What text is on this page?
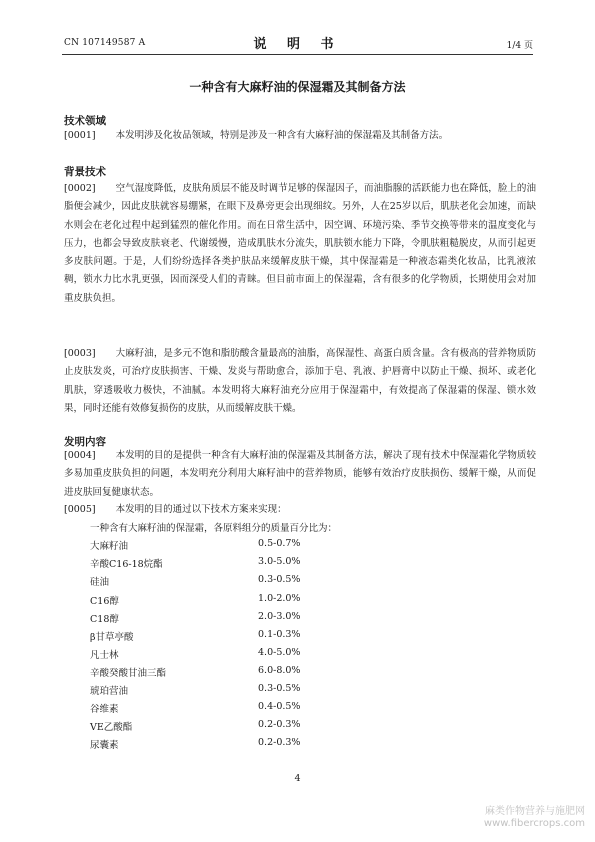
CN 107149587 A	说 明 书	1/4 页
一种含有大麻籽油的保湿霜及其制备方法
技术领域
[0001] 本发明涉及化妆品领域，特别是涉及一种含有大麻籽油的保湿霜及其制备方法。
背景技术
[0002] 空气湿度降低，皮肤角质层不能及时调节足够的保湿因子，而油脂腺的活跃能力也在降低，脸上的油脂便会减少，因此皮肤就容易绷紧，在眼下及鼻旁更会出现细纹。另外，人在25岁以后，肌肤老化会加速，而缺水则会在老化过程中起到猛烈的催化作用。而在日常生活中，因空调、环境污染、季节交换等带来的温度变化与压力，也都会导致皮肤衰老、代谢缓慢，造成肌肤水分流失，肌肤锁水能力下降，令肌肤粗糙脱皮，从而引起更多皮肤问题。于是，人们纷纷选择各类护肤品来缓解皮肤干燥，其中保湿霜是一种液态霜类化妆品，比乳液浓稠，锁水力比水乳更强，因而深受人们的青睐。但目前市面上的保湿霜，含有很多的化学物质，长期使用会对加重皮肤负担。
[0003] 大麻籽油，是多元不饱和脂肪酸含量最高的油脂，高保湿性、高蛋白质含量。含有极高的营养物质防止皮肤发炎，可治疗皮肤损害、干燥、发炎与帮助愈合，添加于皂、乳液、护唇膏中以防止干燥、损坏、或老化肌肤，穿透吸收力极快，不油腻。本发明将大麻籽油充分应用于保湿霜中，有效提高了保湿霜的保湿、锁水效果，同时还能有效修复损伤的皮肤，从而缓解皮肤干燥。
发明内容
[0004] 本发明的目的是提供一种含有大麻籽油的保湿霜及其制备方法，解决了现有技术中保湿霜化学物质较多易加重皮肤负担的问题，本发明充分利用大麻籽油中的营养物质，能够有效治疗皮肤损伤、缓解干燥，从而促进皮肤回复健康状态。
[0005] 本发明的目的通过以下技术方案来实现：
一种含有大麻籽油的保湿霜，各原料组分的质量百分比为：
大麻籽油	0.5-0.7%
辛酸C16-18烷酯	3.0-5.0%
硅油	0.3-0.5%
C16醇	1.0-2.0%
C18醇	2.0-3.0%
β甘草亭酸	0.1-0.3%
凡士林	4.0-5.0%
辛酸癸酸甘油三酯	6.0-8.0%
琥珀营油	0.3-0.5%
谷维素	0.4-0.5%
VE乙酸酯	0.2-0.3%
尿囊素	0.2-0.3%
4
麻类作物营养与施肥网
www.fibercrops.com
